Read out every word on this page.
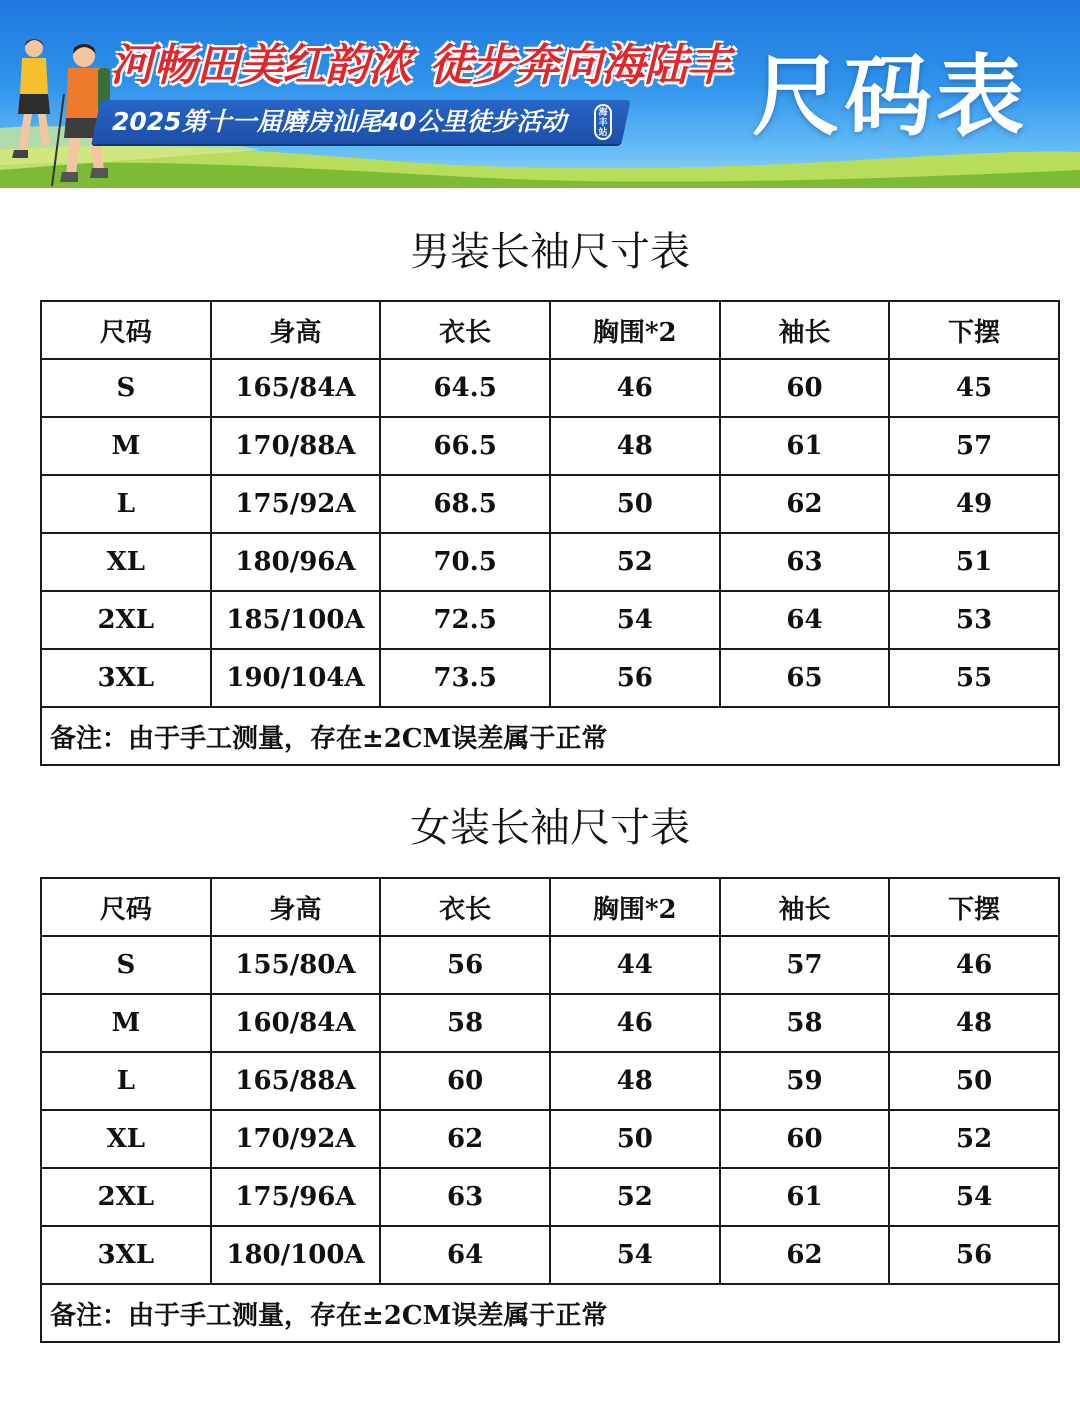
河畅田美红韵浓 徒步奔向海陆丰
2025第十一届磨房汕尾40公里徒步活动	海丰站 尺码表
男装长袖尺寸表
尺码	身高	衣长	胸围*2	袖长	下摆
S	165/84A	64.5	46	60	45
M	170/88A	66.5	48	61	57
L	175/92A	68.5	50	62	49
XL	180/96A	70.5	52	63	51
2XL	185/100A	72.5	54	64	53
3XL	190/104A	73.5	56	65	55
备注：由于手工测量，存在±2CM误差属于正常					
女装长袖尺寸表
尺码	身高	衣长	胸围*2	袖长	下摆
S	155/80A	56	44	57	46
M	160/84A	58	46	58	48
L	165/88A	60	48	59	50
XL	170/92A	62	50	60	52
2XL	175/96A	63	52	61	54
3XL	180/100A	64	54	62	56
备注：由于手工测量，存在±2CM误差属于正常					
